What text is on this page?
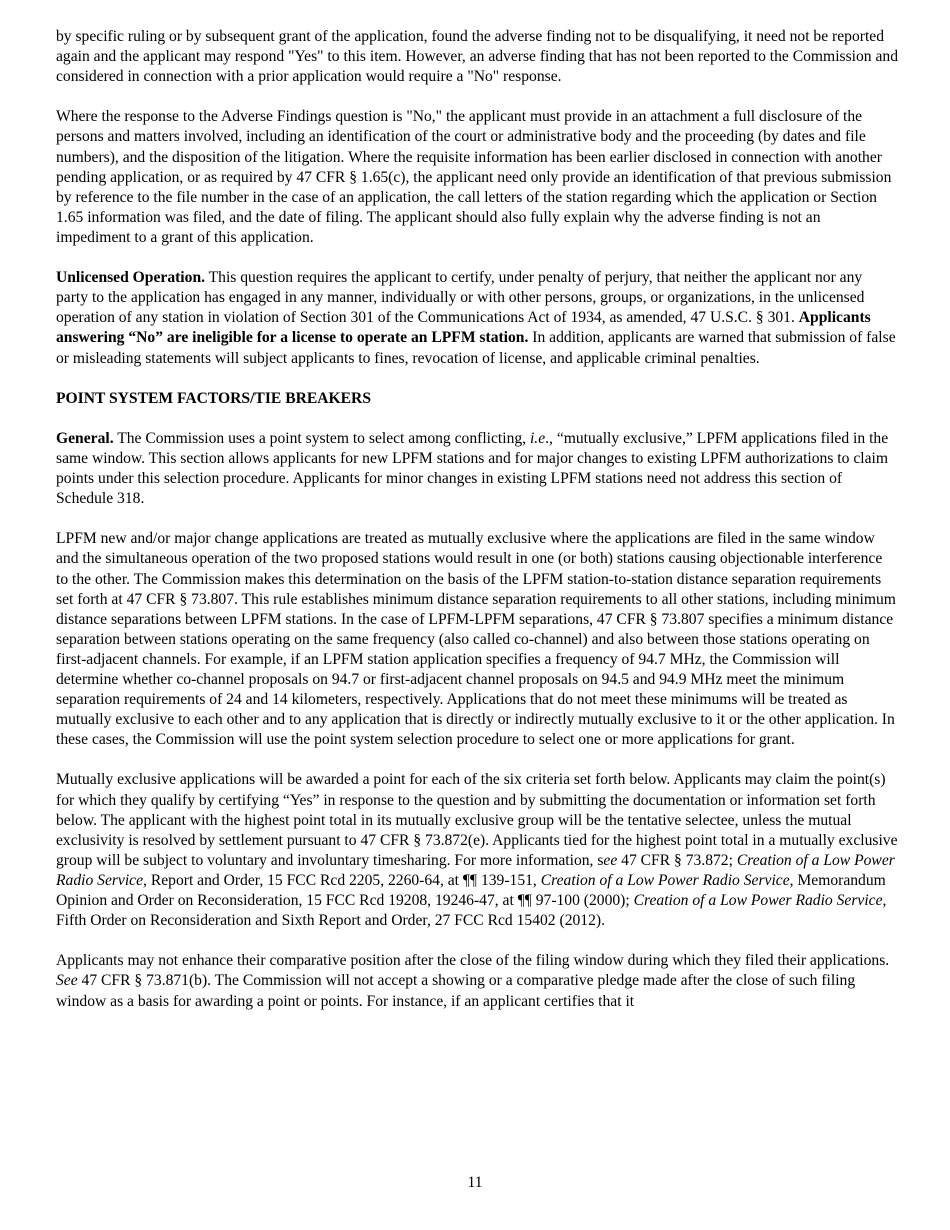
by specific ruling or by subsequent grant of the application, found the adverse finding not to be disqualifying, it need not be reported again and the applicant may respond "Yes" to this item. However, an adverse finding that has not been reported to the Commission and considered in connection with a prior application would require a "No" response.

Where the response to the Adverse Findings question is "No," the applicant must provide in an attachment a full disclosure of the persons and matters involved, including an identification of the court or administrative body and the proceeding (by dates and file numbers), and the disposition of the litigation. Where the requisite information has been earlier disclosed in connection with another pending application, or as required by 47 CFR § 1.65(c), the applicant need only provide an identification of that previous submission by reference to the file number in the case of an application, the call letters of the station regarding which the application or Section 1.65 information was filed, and the date of filing. The applicant should also fully explain why the adverse finding is not an impediment to a grant of this application.

Unlicensed Operation. This question requires the applicant to certify, under penalty of perjury, that neither the applicant nor any party to the application has engaged in any manner, individually or with other persons, groups, or organizations, in the unlicensed operation of any station in violation of Section 301 of the Communications Act of 1934, as amended, 47 U.S.C. § 301. Applicants answering “No” are ineligible for a license to operate an LPFM station. In addition, applicants are warned that submission of false or misleading statements will subject applicants to fines, revocation of license, and applicable criminal penalties.

POINT SYSTEM FACTORS/TIE BREAKERS

General. The Commission uses a point system to select among conflicting, i.e., “mutually exclusive,” LPFM applications filed in the same window. This section allows applicants for new LPFM stations and for major changes to existing LPFM authorizations to claim points under this selection procedure. Applicants for minor changes in existing LPFM stations need not address this section of Schedule 318.

LPFM new and/or major change applications are treated as mutually exclusive where the applications are filed in the same window and the simultaneous operation of the two proposed stations would result in one (or both) stations causing objectionable interference to the other. The Commission makes this determination on the basis of the LPFM station-to-station distance separation requirements set forth at 47 CFR § 73.807. This rule establishes minimum distance separation requirements to all other stations, including minimum distance separations between LPFM stations. In the case of LPFM-LPFM separations, 47 CFR § 73.807 specifies a minimum distance separation between stations operating on the same frequency (also called co-channel) and also between those stations operating on first-adjacent channels. For example, if an LPFM station application specifies a frequency of 94.7 MHz, the Commission will determine whether co-channel proposals on 94.7 or first-adjacent channel proposals on 94.5 and 94.9 MHz meet the minimum separation requirements of 24 and 14 kilometers, respectively. Applications that do not meet these minimums will be treated as mutually exclusive to each other and to any application that is directly or indirectly mutually exclusive to it or the other application. In these cases, the Commission will use the point system selection procedure to select one or more applications for grant.

Mutually exclusive applications will be awarded a point for each of the six criteria set forth below. Applicants may claim the point(s) for which they qualify by certifying “Yes” in response to the question and by submitting the documentation or information set forth below. The applicant with the highest point total in its mutually exclusive group will be the tentative selectee, unless the mutual exclusivity is resolved by settlement pursuant to 47 CFR § 73.872(e). Applicants tied for the highest point total in a mutually exclusive group will be subject to voluntary and involuntary timesharing. For more information, see 47 CFR § 73.872; Creation of a Low Power Radio Service, Report and Order, 15 FCC Rcd 2205, 2260-64, at ¶¶ 139-151, Creation of a Low Power Radio Service, Memorandum Opinion and Order on Reconsideration, 15 FCC Rcd 19208, 19246-47, at ¶¶ 97-100 (2000); Creation of a Low Power Radio Service, Fifth Order on Reconsideration and Sixth Report and Order, 27 FCC Rcd 15402 (2012).

Applicants may not enhance their comparative position after the close of the filing window during which they filed their applications. See 47 CFR § 73.871(b). The Commission will not accept a showing or a comparative pledge made after the close of such filing window as a basis for awarding a point or points. For instance, if an applicant certifies that it

11
